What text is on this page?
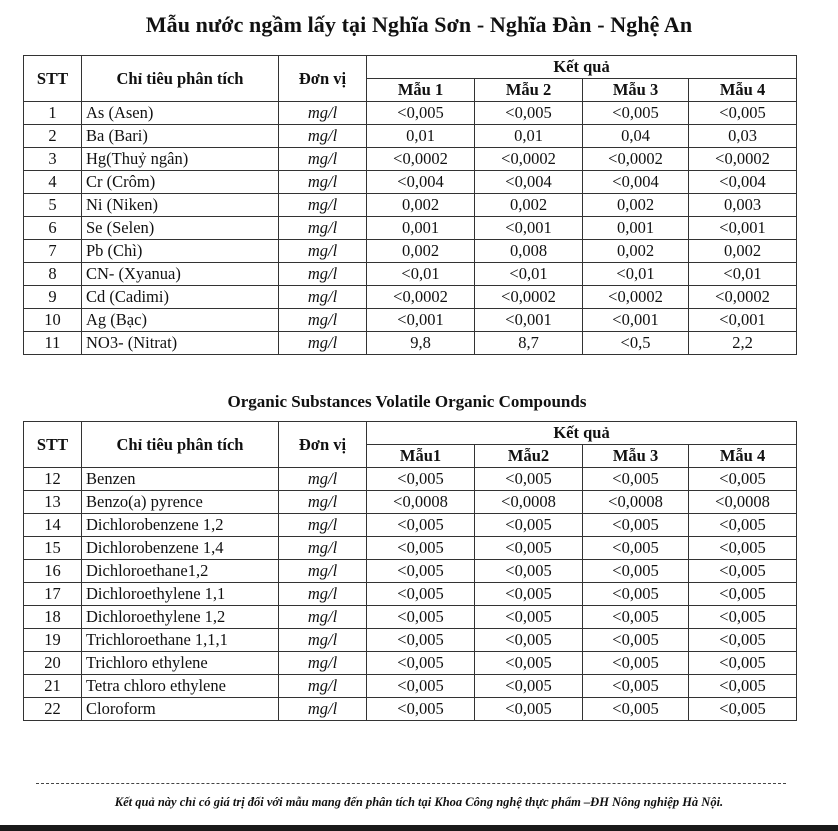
Mẫu nước ngầm lấy tại Nghĩa Sơn - Nghĩa Đàn - Nghệ An
STT	Chỉ tiêu phân tích	Đơn vị	Kết quả			
			Mẫu 1	Mẫu 2	Mẫu 3	Mẫu 4
1	As (Asen)	mg/l	<0,005	<0,005	<0,005	<0,005
2	Ba (Bari)	mg/l	0,01	0,01	0,04	0,03
3	Hg(Thuỷ ngân)	mg/l	<0,0002	<0,0002	<0,0002	<0,0002
4	Cr (Crôm)	mg/l	<0,004	<0,004	<0,004	<0,004
5	Ni (Niken)	mg/l	0,002	0,002	0,002	0,003
6	Se (Selen)	mg/l	0,001	<0,001	0,001	<0,001
7	Pb (Chì)	mg/l	0,002	0,008	0,002	0,002
8	CN- (Xyanua)	mg/l	<0,01	<0,01	<0,01	<0,01
9	Cd (Cadimi)	mg/l	<0,0002	<0,0002	<0,0002	<0,0002
10	Ag (Bạc)	mg/l	<0,001	<0,001	<0,001	<0,001
11	NO3- (Nitrat)	mg/l	9,8	8,7	<0,5	2,2
Organic Substances Volatile Organic Compounds
STT	Chỉ tiêu phân tích	Đơn vị	Kết quả			
			Mẫu1	Mẫu2	Mẫu 3	Mẫu 4
12	Benzen	mg/l	<0,005	<0,005	<0,005	<0,005
13	Benzo(a) pyrence	mg/l	<0,0008	<0,0008	<0,0008	<0,0008
14	Dichlorobenzene 1,2	mg/l	<0,005	<0,005	<0,005	<0,005
15	Dichlorobenzene 1,4	mg/l	<0,005	<0,005	<0,005	<0,005
16	Dichloroethane1,2	mg/l	<0,005	<0,005	<0,005	<0,005
17	Dichloroethylene 1,1	mg/l	<0,005	<0,005	<0,005	<0,005
18	Dichloroethylene 1,2	mg/l	<0,005	<0,005	<0,005	<0,005
19	Trichloroethane 1,1,1	mg/l	<0,005	<0,005	<0,005	<0,005
20	Trichloro ethylene	mg/l	<0,005	<0,005	<0,005	<0,005
21	Tetra chloro ethylene	mg/l	<0,005	<0,005	<0,005	<0,005
22	Cloroform	mg/l	<0,005	<0,005	<0,005	<0,005
Kết quả này chỉ có giá trị đối với mẫu mang đến phân tích tại Khoa Công nghệ thực phẩm –ĐH Nông nghiệp Hà Nội.
